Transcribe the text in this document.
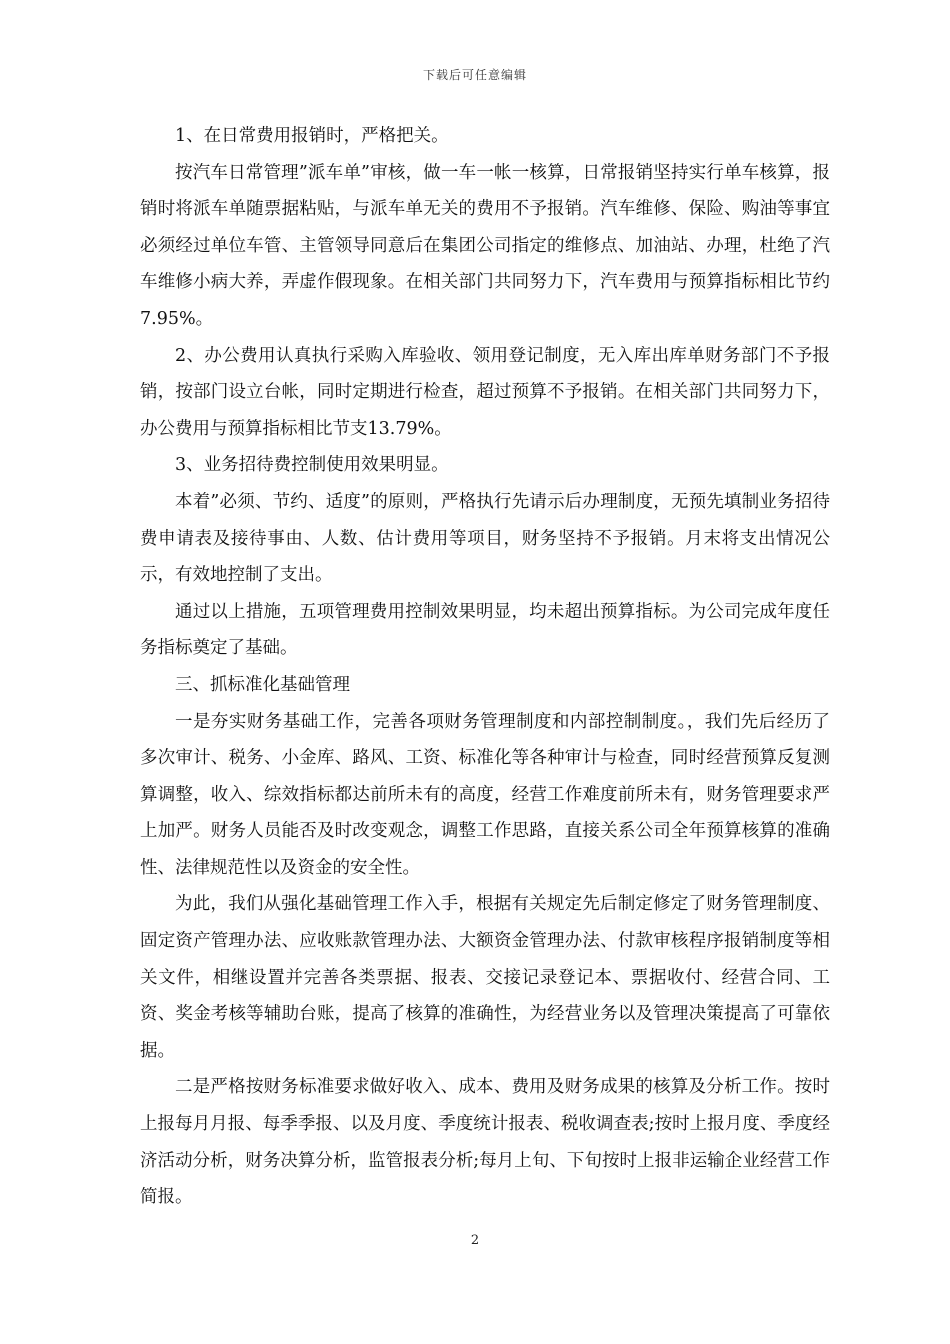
下载后可任意编辑

1、在日常费用报销时，严格把关。

按汽车日常管理”派车单”审核，做一车一帐一核算，日常报销坚持实行单车核算，报销时将派车单随票据粘贴，与派车单无关的费用不予报销。汽车维修、保险、购油等事宜必须经过单位车管、主管领导同意后在集团公司指定的维修点、加油站、办理，杜绝了汽车维修小病大养，弄虚作假现象。在相关部门共同努力下，汽车费用与预算指标相比节约7.95%。

2、办公费用认真执行采购入库验收、领用登记制度，无入库出库单财务部门不予报销，按部门设立台帐，同时定期进行检查，超过预算不予报销。在相关部门共同努力下，办公费用与预算指标相比节支13.79%。

3、业务招待费控制使用效果明显。

本着”必须、节约、适度”的原则，严格执行先请示后办理制度，无预先填制业务招待费申请表及接待事由、人数、估计费用等项目，财务坚持不予报销。月末将支出情况公示，有效地控制了支出。

通过以上措施，五项管理费用控制效果明显，均未超出预算指标。为公司完成年度任务指标奠定了基础。

三、抓标准化基础管理

一是夯实财务基础工作，完善各项财务管理制度和内部控制制度。，我们先后经历了多次审计、税务、小金库、路风、工资、标准化等各种审计与检查，同时经营预算反复测算调整，收入、综效指标都达前所未有的高度，经营工作难度前所未有，财务管理要求严上加严。财务人员能否及时改变观念，调整工作思路，直接关系公司全年预算核算的准确性、法律规范性以及资金的安全性。

为此，我们从强化基础管理工作入手，根据有关规定先后制定修定了财务管理制度、固定资产管理办法、应收账款管理办法、大额资金管理办法、付款审核程序报销制度等相关文件，相继设置并完善各类票据、报表、交接记录登记本、票据收付、经营合同、工资、奖金考核等辅助台账，提高了核算的准确性，为经营业务以及管理决策提高了可靠依据。

二是严格按财务标准要求做好收入、成本、费用及财务成果的核算及分析工作。按时上报每月月报、每季季报、以及月度、季度统计报表、税收调查表;按时上报月度、季度经济活动分析，财务决算分析，监管报表分析;每月上旬、下旬按时上报非运输企业经营工作简报。

2
